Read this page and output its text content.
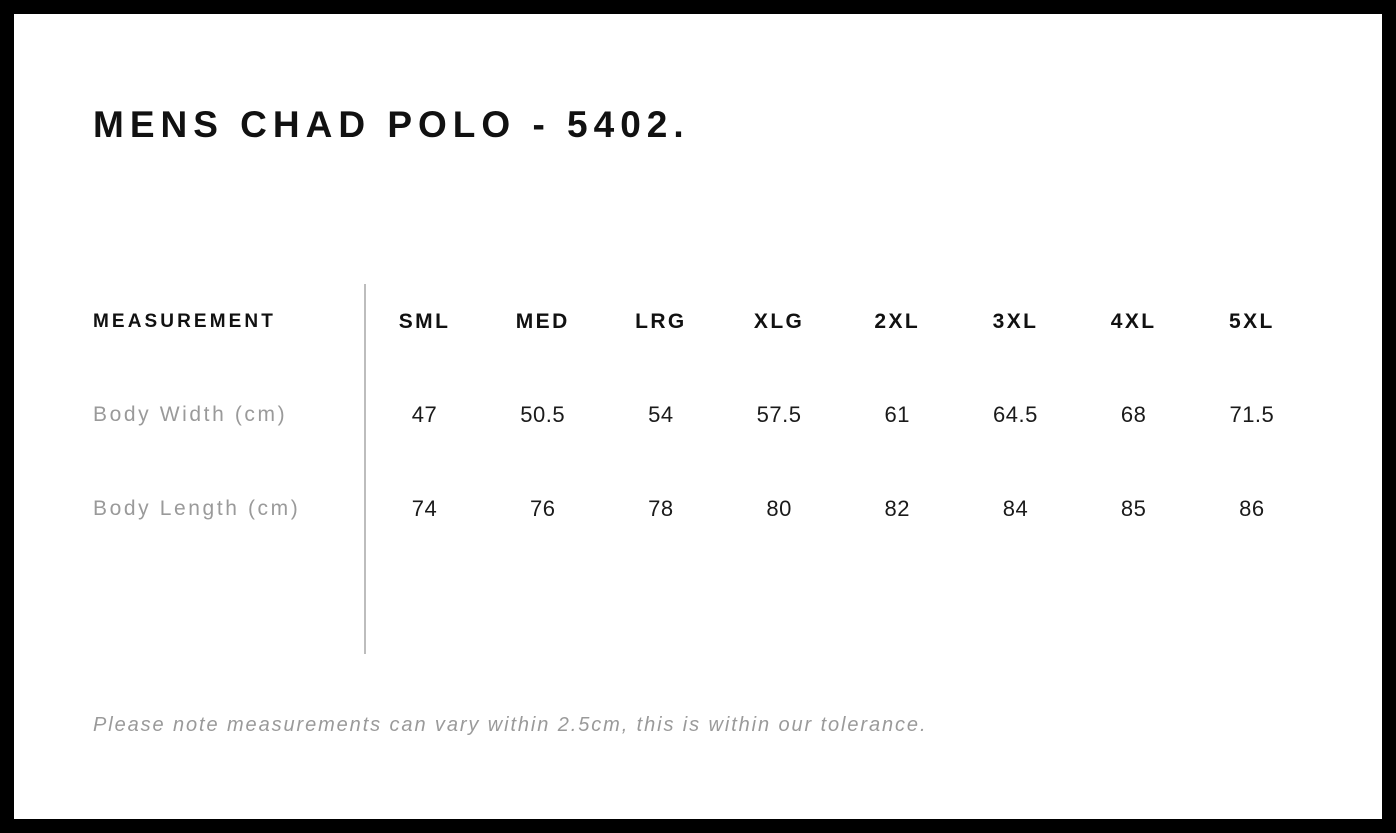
MENS CHAD POLO - 5402.
MEASUREMENT	SML	MED	LRG	XLG	2XL	3XL	4XL	5XL
Body Width (cm)	47	50.5	54	57.5	61	64.5	68	71.5
Body Length (cm)	74	76	78	80	82	84	85	86
Please note measurements can vary within 2.5cm, this is within our tolerance.
